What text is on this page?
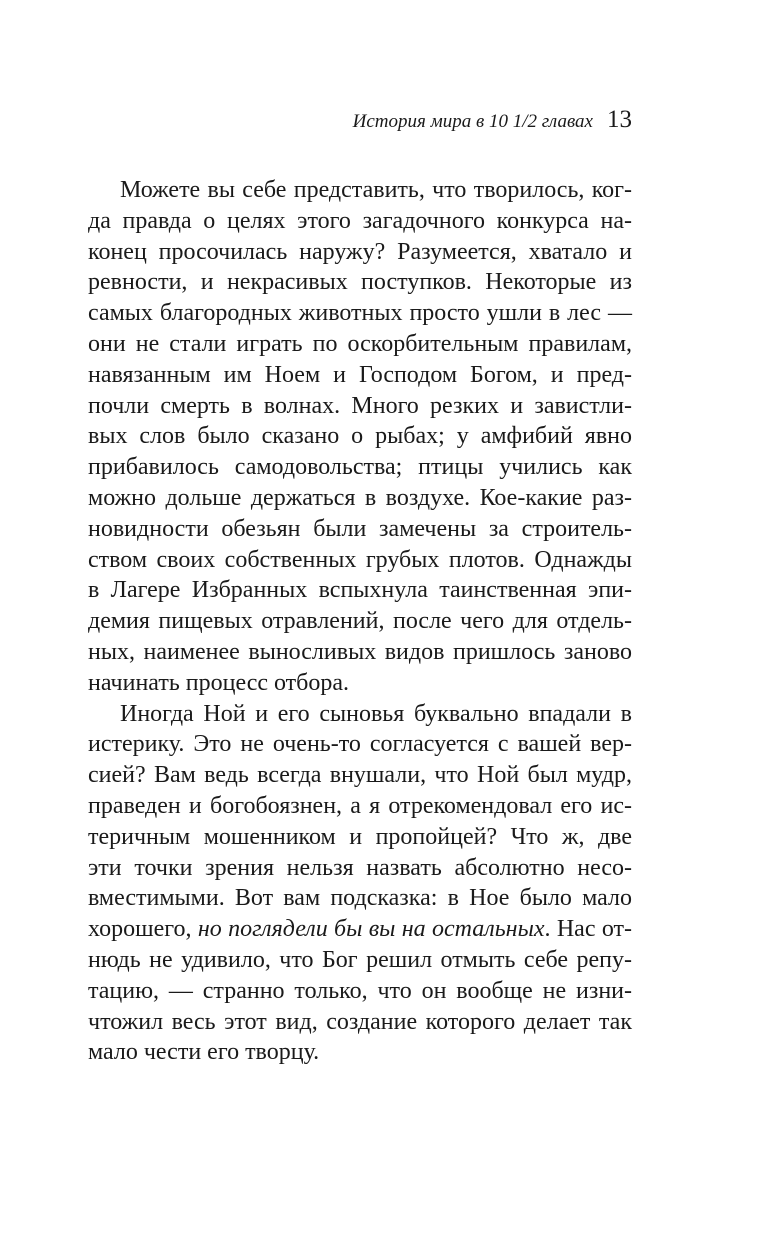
История мира в 10 1/2 главах 13
Можете вы себе представить, что творилось, ког-
да правда о целях этого загадочного конкурса на-
конец просочилась наружу? Разумеется, хватало и
ревности, и некрасивых поступков. Некоторые из
самых благородных животных просто ушли в лес —
они не стали играть по оскорбительным правилам,
навязанным им Ноем и Господом Богом, и пред-
почли смерть в волнах. Много резких и завистли-
вых слов было сказано о рыбах; у амфибий явно
прибавилось самодовольства; птицы учились как
можно дольше держаться в воздухе. Кое-какие раз-
новидности обезьян были замечены за строитель-
ством своих собственных грубых плотов. Однажды
в Лагере Избранных вспыхнула таинственная эпи-
демия пищевых отравлений, после чего для отдель-
ных, наименее выносливых видов пришлось заново
начинать процесс отбора.
Иногда Ной и его сыновья буквально впадали в
истерику. Это не очень-то согласуется с вашей вер-
сией? Вам ведь всегда внушали, что Ной был мудр,
праведен и богобоязнен, а я отрекомендовал его ис-
теричным мошенником и пропойцей? Что ж, две
эти точки зрения нельзя назвать абсолютно несо-
вместимыми. Вот вам подсказка: в Ное было мало
хорошего, но поглядели бы вы на остальных. Нас от-
нюдь не удивило, что Бог решил отмыть себе репу-
тацию, — странно только, что он вообще не изни-
чтожил весь этот вид, создание которого делает так
мало чести его творцу.
